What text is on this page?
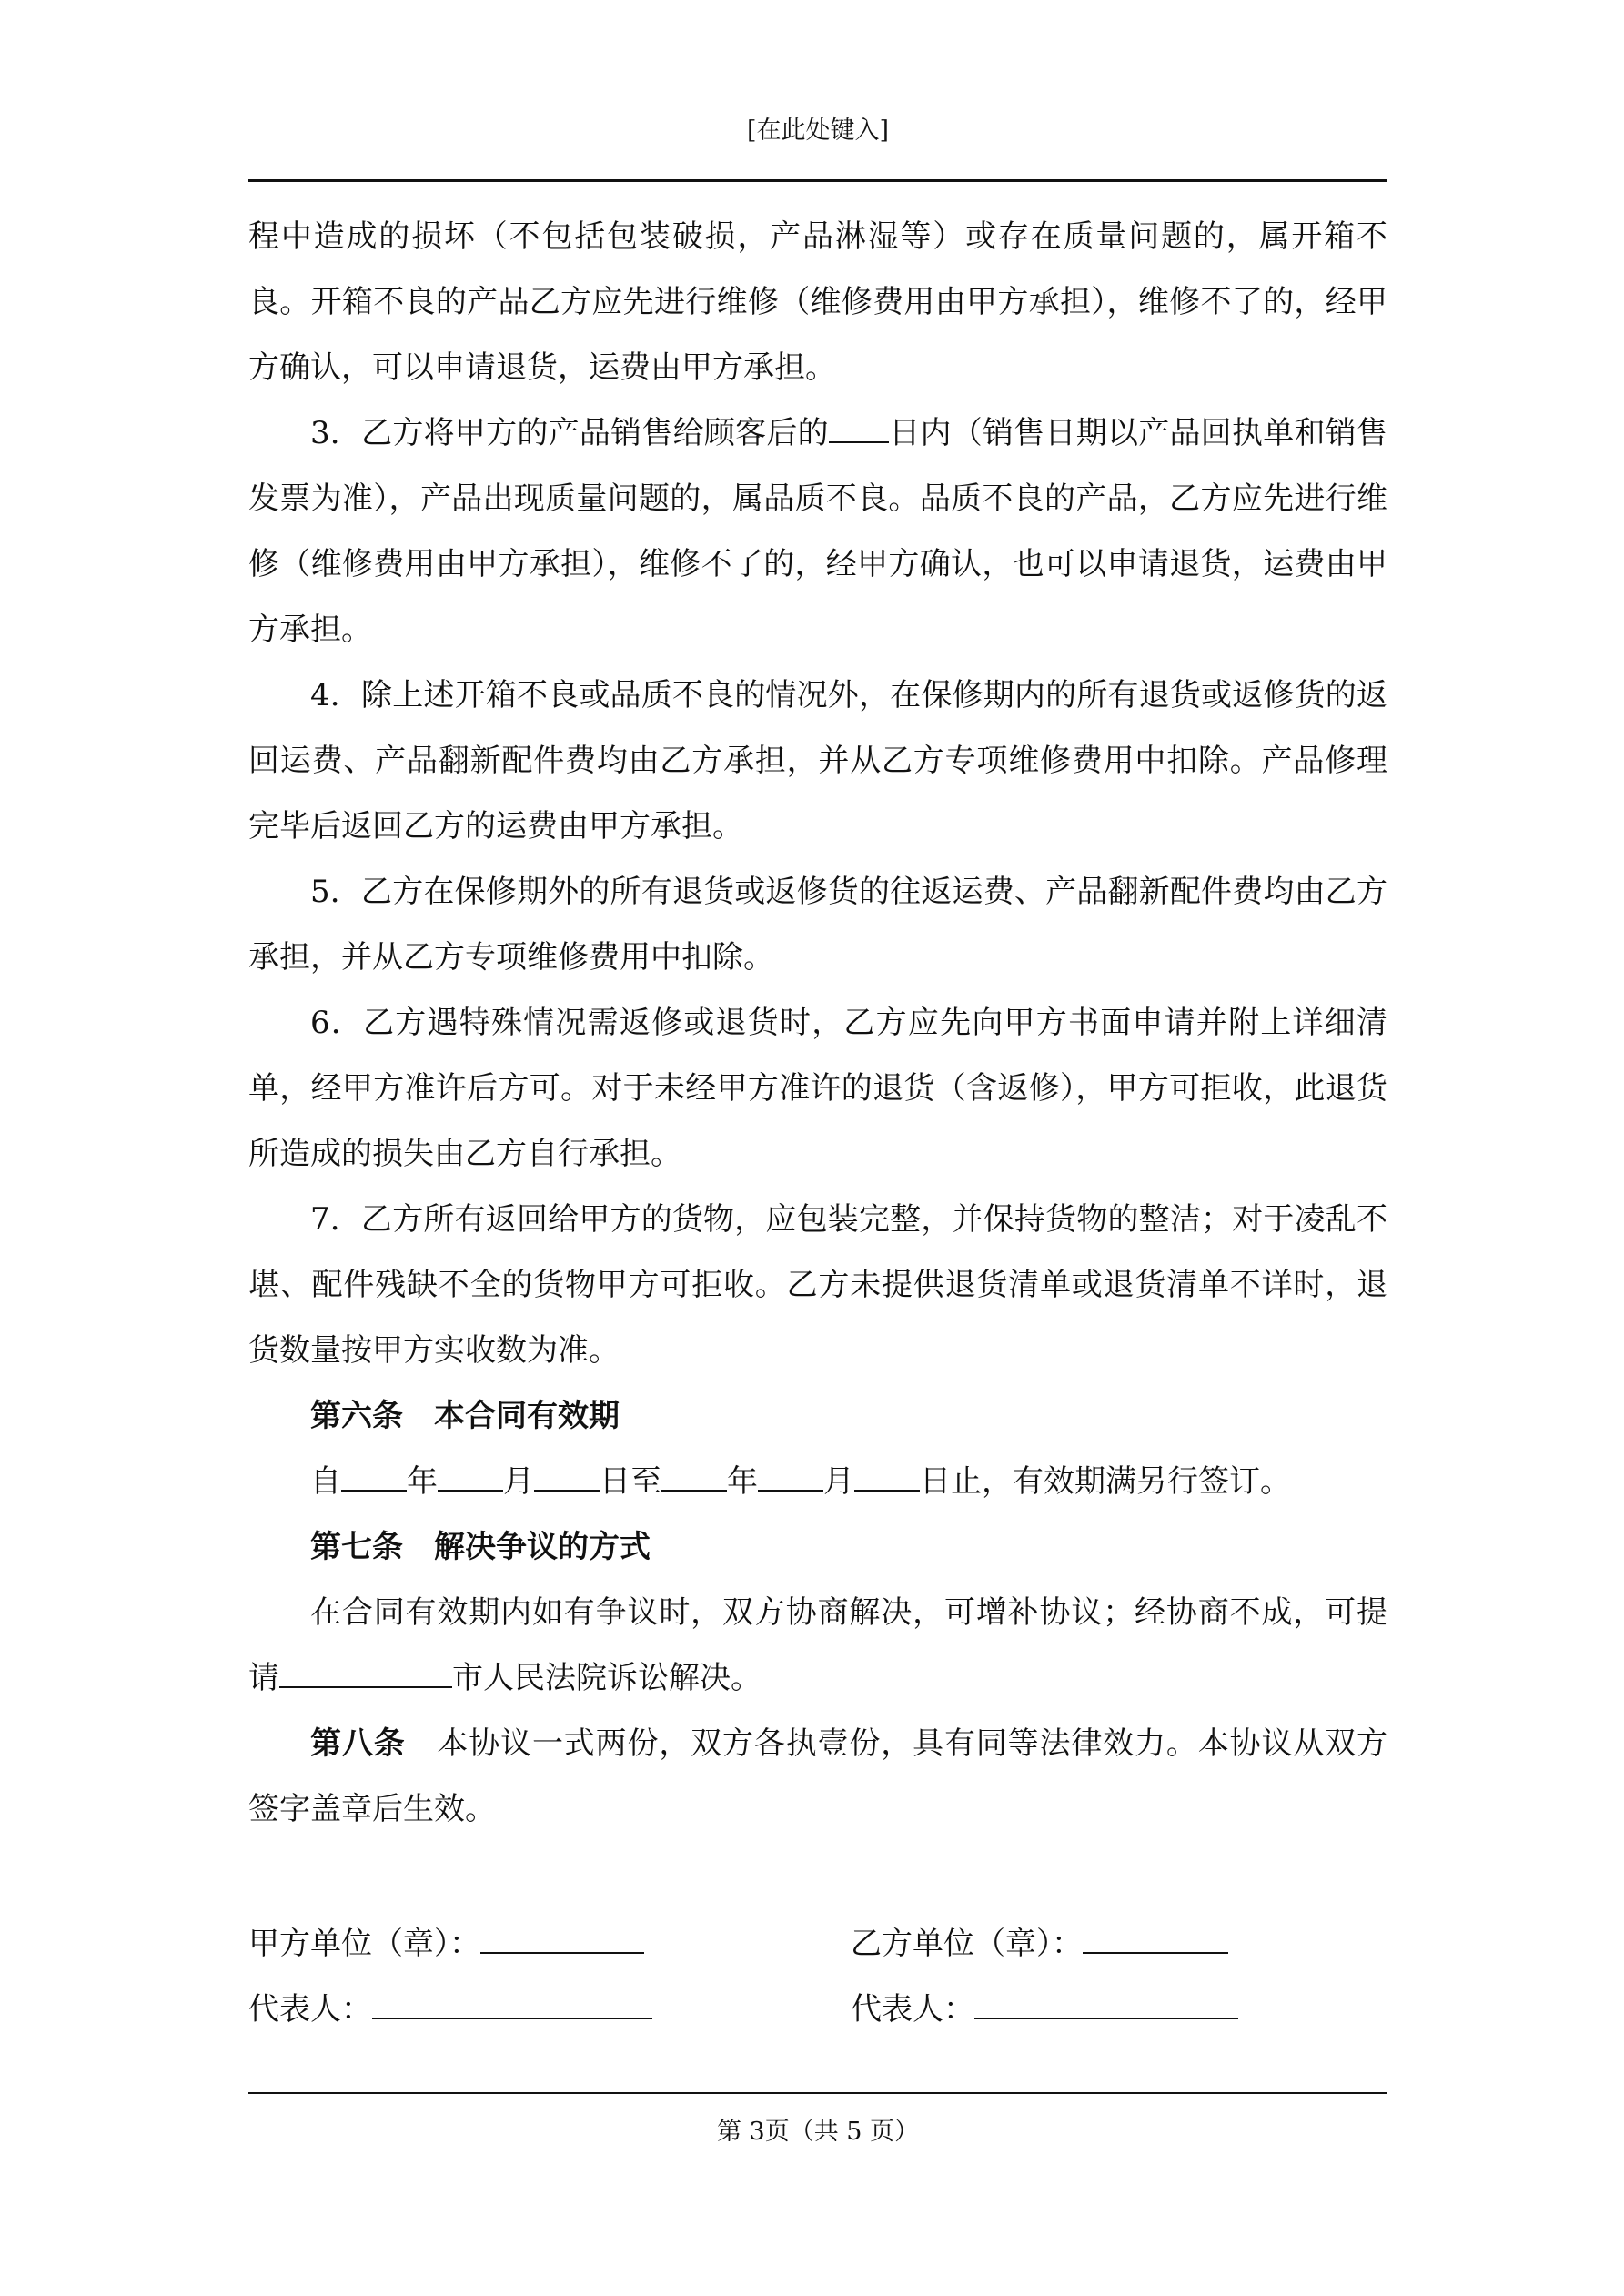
[在此处键入]

程中造成的损坏（不包括包装破损，产品淋湿等）或存在质量问题的，属开箱不良。开箱不良的产品乙方应先进行维修（维修费用由甲方承担），维修不了的，经甲方确认，可以申请退货，运费由甲方承担。

3．乙方将甲方的产品销售给顾客后的 日内（销售日期以产品回执单和销售发票为准），产品出现质量问题的，属品质不良。品质不良的产品，乙方应先进行维修（维修费用由甲方承担），维修不了的，经甲方确认，也可以申请退货，运费由甲方承担。

4．除上述开箱不良或品质不良的情况外，在保修期内的所有退货或返修货的返回运费、产品翻新配件费均由乙方承担，并从乙方专项维修费用中扣除。产品修理完毕后返回乙方的运费由甲方承担。

5．乙方在保修期外的所有退货或返修货的往返运费、产品翻新配件费均由乙方承担，并从乙方专项维修费用中扣除。

6．乙方遇特殊情况需返修或退货时，乙方应先向甲方书面申请并附上详细清单，经甲方准许后方可。对于未经甲方准许的退货（含返修），甲方可拒收，此退货所造成的损失由乙方自行承担。

7．乙方所有返回给甲方的货物，应包装完整，并保持货物的整洁；对于凌乱不堪、配件残缺不全的货物甲方可拒收。乙方未提供退货清单或退货清单不详时，退货数量按甲方实收数为准。

第六条　本合同有效期

自 年 月 日至 年 月 日止，有效期满另行签订。

第七条　解决争议的方式

在合同有效期内如有争议时，双方协商解决，可增补协议；经协商不成，可提请	市人民法院诉讼解决。

第八条　本协议一式两份，双方各执壹份，具有同等法律效力。本协议从双方签字盖章后生效。

甲方单位（章）：	乙方单位（章）：
代表人：	代表人：
第 3页（共 5 页）
